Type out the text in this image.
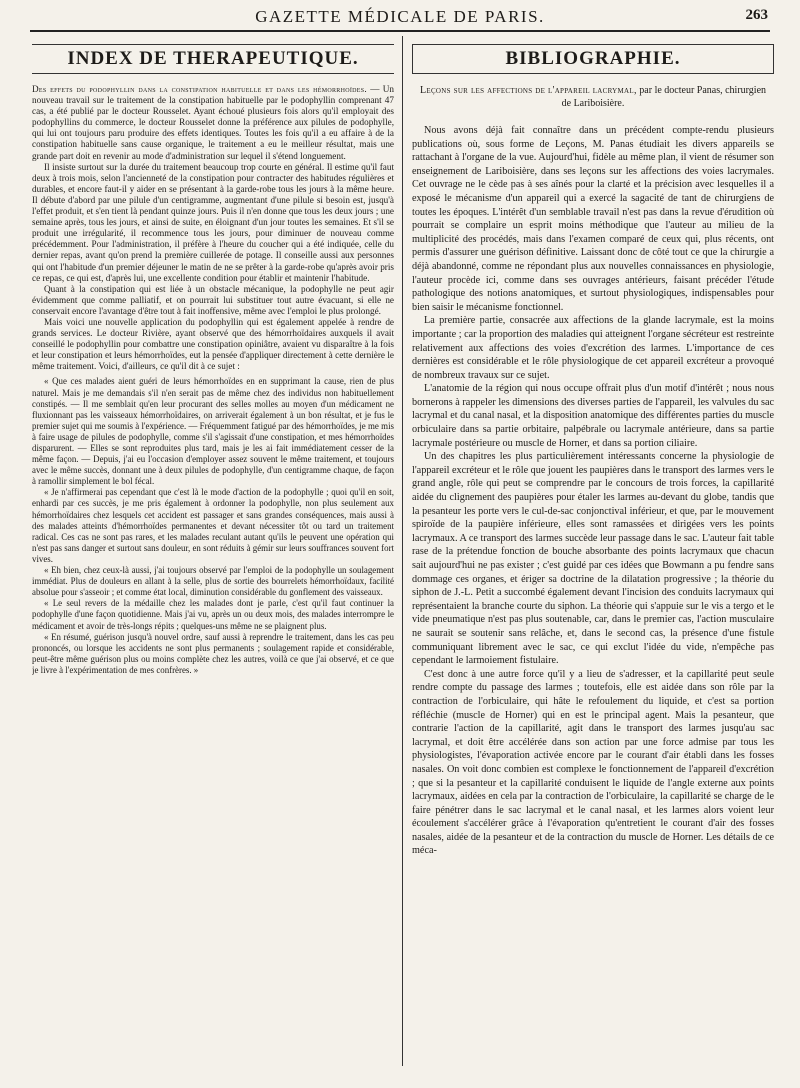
GAZETTE MÉDICALE DE PARIS.	263
INDEX DE THERAPEUTIQUE.

Des effets du podophyllin dans la constipation habituelle et dans les hémorrhoïdes. — Un nouveau travail sur le traitement de la constipation habituelle par le podophyllin comprenant 47 cas, a été publié par le docteur Rousselet. Ayant échoué plusieurs fois alors qu'il employait des podophyllins du commerce, le docteur Rousselet donne la préférence aux pilules de podophylle, qui lui ont toujours paru produire des effets identiques. Toutes les fois qu'il a eu affaire à de la constipation habituelle sans cause organique, le traitement a eu le meilleur résultat, mais une grande part doit en revenir au mode d'administration sur lequel il s'étend longuement.

Il insiste surtout sur la durée du traitement beaucoup trop courte en général. Il estime qu'il faut deux à trois mois, selon l'ancienneté de la constipation pour contracter des habitudes régulières et durables, et encore faut-il y aider en se présentant à la garde-robe tous les jours à la même heure. Il débute d'abord par une pilule d'un centigramme, augmentant d'une pilule si besoin est, jusqu'à l'effet produit, et s'en tient là pendant quinze jours. Puis il n'en donne que tous les deux jours ; une semaine après, tous les jours, et ainsi de suite, en éloignant d'un jour toutes les semaines. Et s'il se produit une irrégularité, il recommence tous les jours, pour diminuer de nouveau comme précédemment. Pour l'administration, il préfère à l'heure du coucher qui a été indiquée, celle du dernier repas, avant qu'on prend la première cuillerée de potage. Il conseille aussi aux personnes qui ont l'habitude d'un premier déjeuner le matin de ne se prêter à la garde-robe qu'après avoir pris ce repas, ce qui est, d'après lui, une excellente condition pour établir et maintenir l'habitude.

Quant à la constipation qui est liée à un obstacle mécanique, la podophylle ne peut agir évidemment que comme palliatif, et on pourrait lui substituer tout autre évacuant, si elle ne conservait encore l'avantage d'être tout à fait inoffensive, même avec l'emploi le plus prolongé.

Mais voici une nouvelle application du podophyllin qui est également appelée à rendre de grands services. Le docteur Rivière, ayant observé que des hémorrhoïdaires auxquels il avait conseillé le podophyllin pour combattre une constipation opiniâtre, avaient vu disparaître à la fois et leur constipation et leurs hémorrhoïdes, eut la pensée d'appliquer directement à cette dernière le même traitement. Voici, d'ailleurs, ce qu'il dit à ce sujet :

« Que ces malades aient guéri de leurs hémorrhoïdes en en supprimant la cause, rien de plus naturel. Mais je me demandais s'il n'en serait pas de même chez des individus non habituellement constipés. — Il me semblait qu'en leur procurant des selles molles au moyen d'un médicament ne fluxionnant pas les vaisseaux hémorrhoïdaires, on arriverait également à un bon résultat, et je fus le premier sujet qui me soumis à l'expérience. — Fréquemment fatigué par des hémorrhoïdes, je me mis à faire usage de pilules de podophylle, comme s'il s'agissait d'une constipation, et mes hémorrhoïdes disparurent. — Elles se sont reproduites plus tard, mais je les ai fait immédiatement cesser de la même façon. — Depuis, j'ai eu l'occasion d'employer assez souvent le même traitement, et toujours avec le même succès, donnant une à deux pilules de podophylle, d'un centigramme chaque, de façon à ramollir simplement le bol fécal.

« Je n'affirmerai pas cependant que c'est là le mode d'action de la podophylle ; quoi qu'il en soit, enhardi par ces succès, je me pris également à ordonner la podophylle, non plus seulement aux hémorrhoïdaires chez lesquels cet accident est passager et sans grandes conséquences, mais aussi à des malades atteints d'hémorrhoïdes permanentes et devant nécessiter tôt ou tard un traitement radical. Ces cas ne sont pas rares, et les malades reculant autant qu'ils le peuvent une opération qui n'est pas sans danger et surtout sans douleur, en sont réduits à gémir sur leurs souffrances souvent fort vives.

« Eh bien, chez ceux-là aussi, j'ai toujours observé par l'emploi de la podophylle un soulagement immédiat. Plus de douleurs en allant à la selle, plus de sortie des bourrelets hémorrhoïdaux, facilité absolue pour s'asseoir ; et comme état local, diminution considérable du gonflement des vaisseaux.

« Le seul revers de la médaille chez les malades dont je parle, c'est qu'il faut continuer la podophylle d'une façon quotidienne. Mais j'ai vu, après un ou deux mois, des malades interrompre le médicament et avoir de très-longs répits ; quelques-uns même ne se plaignent plus.

« En résumé, guérison jusqu'à nouvel ordre, sauf aussi à reprendre le traitement, dans les cas peu prononcés, ou lorsque les accidents ne sont plus permanents ; soulagement rapide et considérable, peut-être même guérison plus ou moins complète chez les autres, voilà ce que j'ai observé, et ce que je livre à l'expérimentation de mes confrères. »

BIBLIOGRAPHIE.
Leçons sur les affections de l'appareil lacrymal, par le docteur Panas, chirurgien de Lariboisière.

Nous avons déjà fait connaître dans un précédent compte-rendu plusieurs publications où, sous forme de Leçons, M. Panas étudiait les divers appareils se rattachant à l'organe de la vue. Aujourd'hui, fidèle au même plan, il vient de résumer son enseignement de Lariboisière, dans ses leçons sur les affections des voies lacrymales. Cet ouvrage ne le cède pas à ses aînés pour la clarté et la précision avec lesquelles il a exposé le mécanisme d'un appareil qui a exercé la sagacité de tant de chirurgiens de toutes les époques. L'intérêt d'un semblable travail n'est pas dans la revue d'érudition où pourrait se complaire un esprit moins méthodique que l'auteur au milieu de la multiplicité des procédés, mais dans l'examen comparé de ceux qui, plus récents, ont permis d'assurer une guérison définitive. Laissant donc de côté tout ce que la chirurgie a déjà abandonné, comme ne répondant plus aux nouvelles connaissances en physiologie, l'auteur procède ici, comme dans ses ouvrages antérieurs, faisant précéder l'étude pathologique des notions anatomiques, et surtout physiologiques, indispensables pour bien saisir le mécanisme fonctionnel.

La première partie, consacrée aux affections de la glande lacrymale, est la moins importante ; car la proportion des maladies qui atteignent l'organe sécréteur est restreinte relativement aux affections des voies d'excrétion des larmes. L'importance de ces dernières est considérable et le rôle physiologique de cet appareil excréteur a provoqué de nombreux travaux sur ce sujet.

L'anatomie de la région qui nous occupe offrait plus d'un motif d'intérêt ; nous nous bornerons à rappeler les dimensions des diverses parties de l'appareil, les valvules du sac lacrymal et du canal nasal, et la disposition anatomique des différentes parties du muscle orbiculaire dans sa partie orbitaire, palpébrale ou lacrymale antérieure, dans sa partie lacrymale postérieure ou muscle de Horner, et dans sa portion ciliaire.

Un des chapitres les plus particulièrement intéressants concerne la physiologie de l'appareil excréteur et le rôle que jouent les paupières dans le transport des larmes vers le grand angle, rôle qui peut se comprendre par le concours de trois forces, la capillarité aidée du clignement des paupières pour étaler les larmes au-devant du globe, tandis que la pesanteur les porte vers le cul-de-sac conjonctival inférieur, et que, par le mouvement spiroïde de la paupière inférieure, elles sont ramassées et dirigées vers les points lacrymaux. A ce transport des larmes succède leur passage dans le sac. L'auteur fait table rase de la prétendue fonction de bouche absorbante des points lacrymaux que chacun sait aujourd'hui ne pas exister ; c'est guidé par ces idées que Bowmann a pu fendre sans dommage ces organes, et ériger sa doctrine de la dilatation progressive ; la théorie du siphon de J.-L. Petit a succombé également devant l'incision des conduits lacrymaux qui représentaient la branche courte du siphon. La théorie qui s'appuie sur le vis a tergo et le vide pneumatique n'est pas plus soutenable, car, dans le premier cas, l'action musculaire ne saurait se soutenir sans relâche, et, dans le second cas, la présence d'une fistule communiquant librement avec le sac, ce qui exclut l'idée du vide, n'empêche pas cependant le larmoiement fistulaire.

C'est donc à une autre force qu'il y a lieu de s'adresser, et la capillarité peut seule rendre compte du passage des larmes ; toutefois, elle est aidée dans son rôle par la contraction de l'orbiculaire, qui hâte le refoulement du liquide, et c'est sa portion réfléchie (muscle de Horner) qui en est le principal agent. Mais la pesanteur, que contrarie l'action de la capillarité, agit dans le transport des larmes jusqu'au sac lacrymal, et doit être accélérée dans son action par une force admise par tous les physiologistes, l'évaporation activée encore par le courant d'air établi dans les fosses nasales. On voit donc combien est complexe le fonctionnement de l'appareil d'excrétion ; que si la pesanteur et la capillarité conduisent le liquide de l'angle externe aux points lacrymaux, aidées en cela par la contraction de l'orbiculaire, la capillarité se charge de le faire pénétrer dans le sac lacrymal et le canal nasal, et les larmes alors voient leur écoulement s'accélérer grâce à l'évaporation qu'entretient le courant d'air des fosses nasales, aidée de la pesanteur et de la contraction du muscle de Horner. Les détails de ce méca-
